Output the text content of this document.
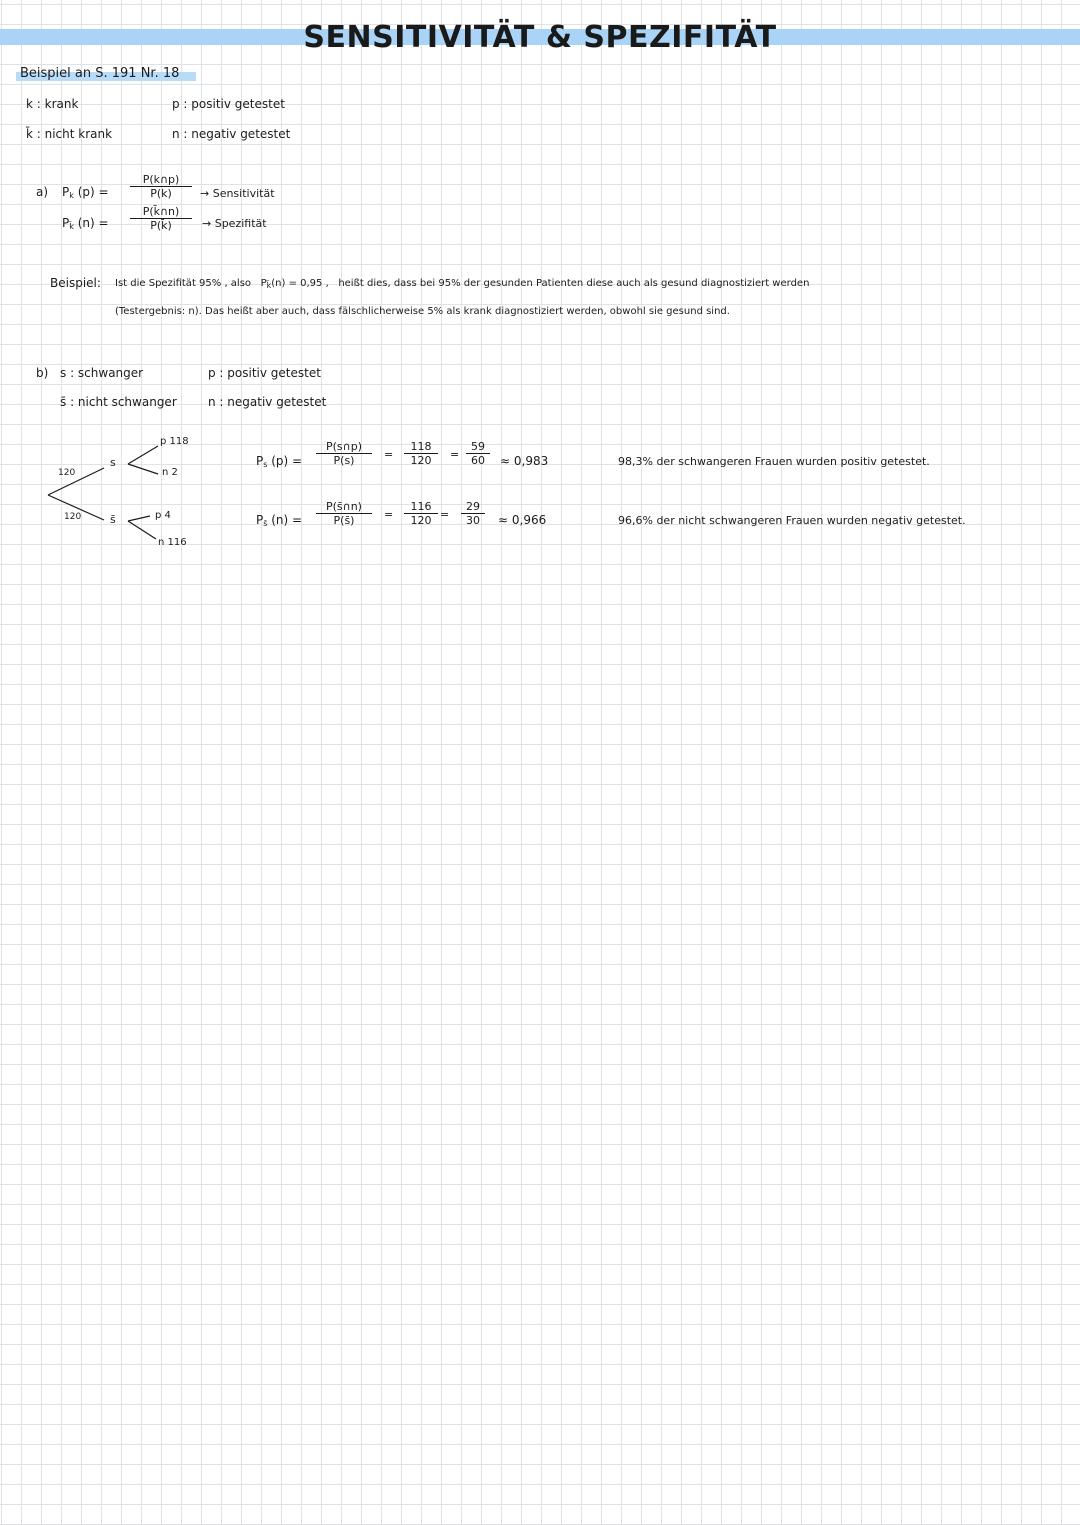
SENSITIVITÄT & SPEZIFITÄT
Beispiel an S. 191 Nr. 18
k : krank
k̄ : nicht krank
p : positiv getestet
n : negativ getestet
a) $P_k$ $(p) = \frac{P(k\cap p)}{P(k)}$ → Sensitivität
$P_{k̄}$ $(n) = \frac{P(k̄\cap n)}{P(k̄)}$ → Spezifität
Beispiel: Ist die Spezifität 95% , also $P_{k̄}(n) = 0,95$ , heißt dies, dass bei 95% der gesunden Patienten diese auch als gesund diagnostiziert werden
(Testergebnis: n). Das heißt aber auch, dass fälschlicherweise 5% als krank diagnostiziert werden, obwohl sie gesund sind.
b) s : schwanger
s̄ : nicht schwanger
p : positiv getestet
n : negativ getestet
120
120
s
s̄
p 118
n 2
p 4
n 116
$P_s$ $(p) = \frac{P(s\cap p)}{P(s)} = \frac{118}{120} = \frac{59}{60} \approx 0,983$	98,3% der schwangeren Frauen wurden positiv getestet.
$P_{s̄}$ $(n) = \frac{P(s̄\cap n)}{P(s̄)} = \frac{116}{120} = \frac{29}{30} \approx 0,966$	96,6% der nicht schwangeren Frauen wurden negativ getestet.
